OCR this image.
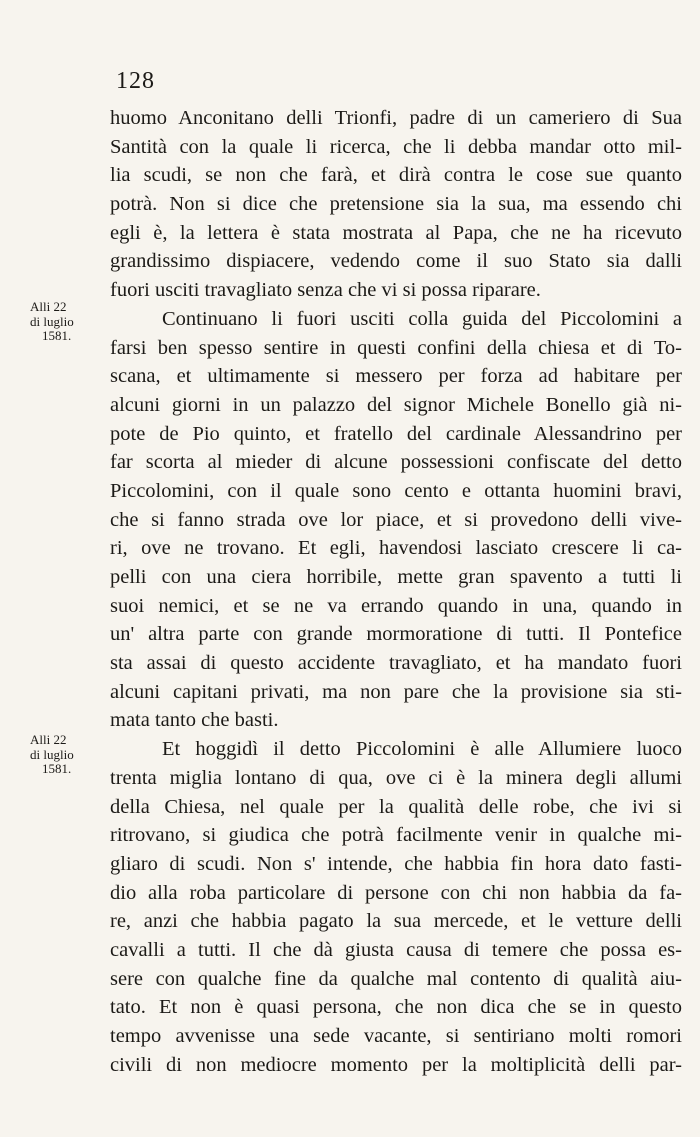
128
Alli 22
di luglio
1581.
Alli 22
di luglio
1581.
huomo Anconitano delli Trionfi, padre di un cameriero di Sua
Santità con la quale li ricerca, che li debba mandar otto mil-
lia scudi, se non che farà, et dirà contra le cose sue quanto
potrà. Non si dice che pretensione sia la sua, ma essendo chi
egli è, la lettera è stata mostrata al Papa, che ne ha ricevuto
grandissimo dispiacere, vedendo come il suo Stato sia dalli
fuori usciti travagliato senza che vi si possa riparare.
Continuano li fuori usciti colla guida del Piccolomini a
farsi ben spesso sentire in questi confini della chiesa et di To-
scana, et ultimamente si messero per forza ad habitare per
alcuni giorni in un palazzo del signor Michele Bonello già ni-
pote de Pio quinto, et fratello del cardinale Alessandrino per
far scorta al mieder di alcune possessioni confiscate del detto
Piccolomini, con il quale sono cento e ottanta huomini bravi,
che si fanno strada ove lor piace, et si provedono delli vive-
ri, ove ne trovano. Et egli, havendosi lasciato crescere li ca-
pelli con una ciera horribile, mette gran spavento a tutti li
suoi nemici, et se ne va errando quando in una, quando in
un' altra parte con grande mormoratione di tutti. Il Pontefice
sta assai di questo accidente travagliato, et ha mandato fuori
alcuni capitani privati, ma non pare che la provisione sia sti-
mata tanto che basti.
Et hoggidì il detto Piccolomini è alle Allumiere luoco
trenta miglia lontano di qua, ove ci è la minera degli allumi
della Chiesa, nel quale per la qualità delle robe, che ivi si
ritrovano, si giudica che potrà facilmente venir in qualche mi-
gliaro di scudi. Non s' intende, che habbia fin hora dato fasti-
dio alla roba particolare di persone con chi non habbia da fa-
re, anzi che habbia pagato la sua mercede, et le vetture delli
cavalli a tutti. Il che dà giusta causa di temere che possa es-
sere con qualche fine da qualche mal contento di qualità aiu-
tato. Et non è quasi persona, che non dica che se in questo
tempo avvenisse una sede vacante, si sentiriano molti romori
civili di non mediocre momento per la moltiplicità delli par-
